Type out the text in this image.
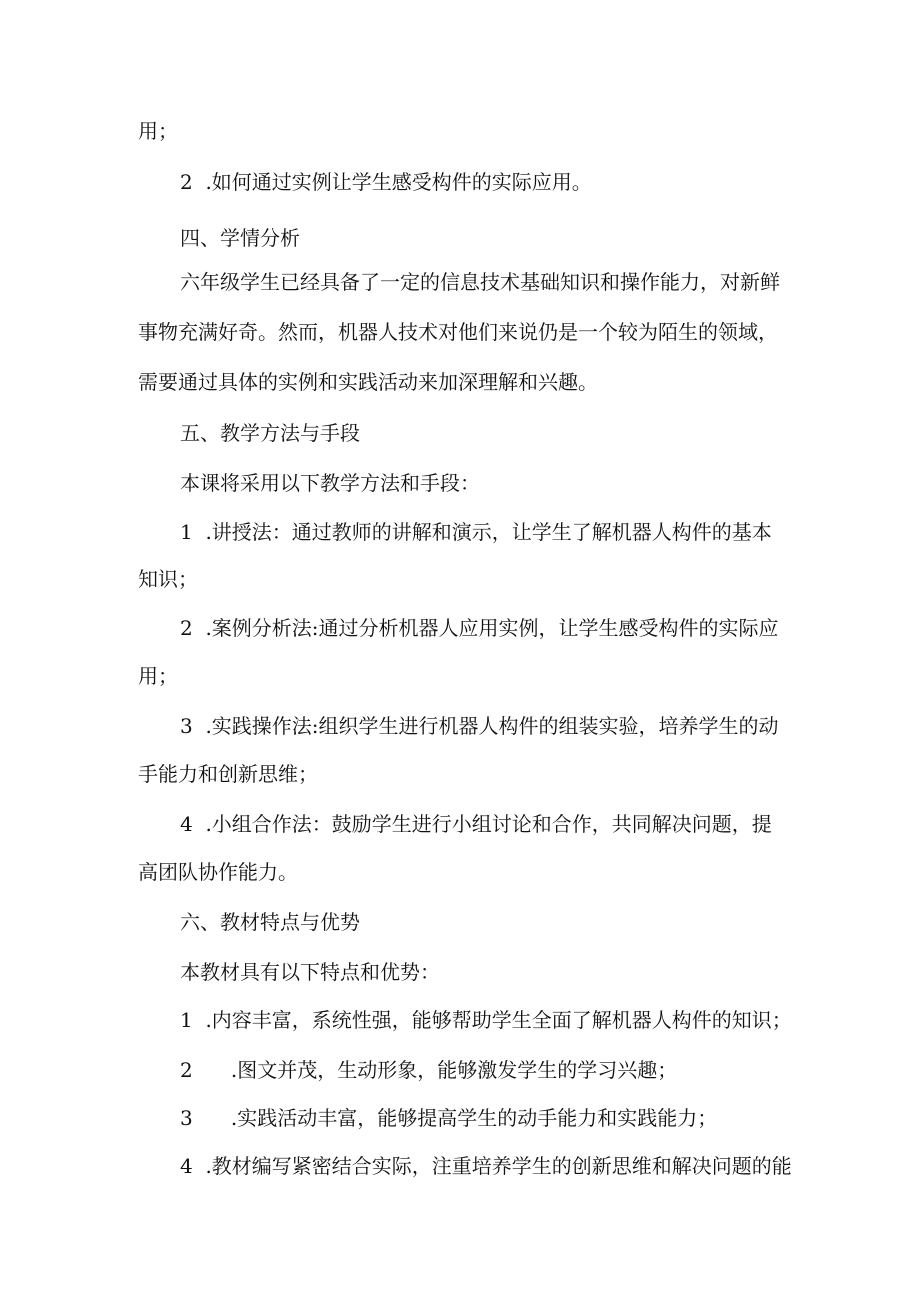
用；

2  .如何通过实例让学生感受构件的实际应用。

四、学情分析

六年级学生已经具备了一定的信息技术基础知识和操作能力，对新鲜

事物充满好奇。然而，机器人技术对他们来说仍是一个较为陌生的领域，

需要通过具体的实例和实践活动来加深理解和兴趣。

五、教学方法与手段

本课将采用以下教学方法和手段：

1  .讲授法：通过教师的讲解和演示，让学生了解机器人构件的基本

知识；

2  .案例分析法:通过分析机器人应用实例，让学生感受构件的实际应

用；

3  .实践操作法:组织学生进行机器人构件的组装实验，培养学生的动

手能力和创新思维；

4  .小组合作法：鼓励学生进行小组讨论和合作，共同解决问题，提

高团队协作能力。

六、教材特点与优势

本教材具有以下特点和优势：

1  .内容丰富，系统性强，能够帮助学生全面了解机器人构件的知识；

2      .图文并茂，生动形象，能够激发学生的学习兴趣；

3      .实践活动丰富，能够提高学生的动手能力和实践能力；

4  .教材编写紧密结合实际，注重培养学生的创新思维和解决问题的能
